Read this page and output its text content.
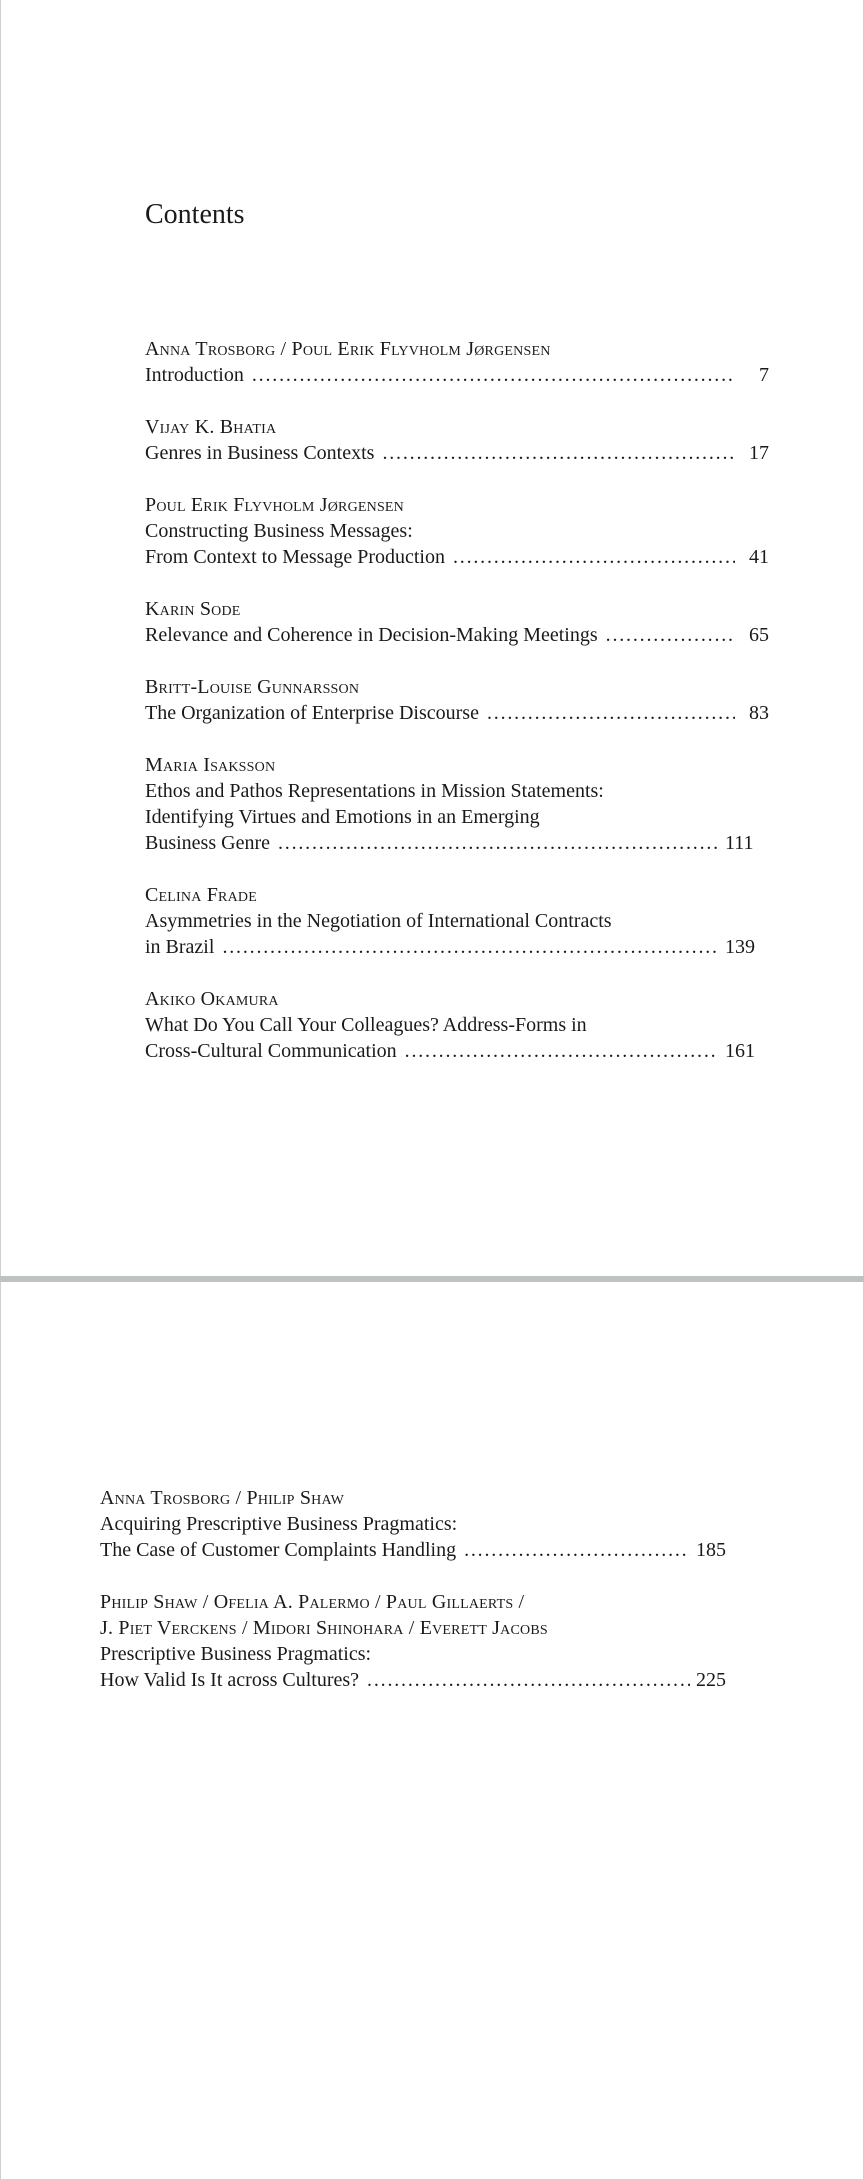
Contents
Anna Trosborg / Poul Erik Flyvholm Jørgensen
Introduction . . .	7
Vijay K. Bhatia
Genres in Business Contexts . . .	17
Poul Erik Flyvholm Jørgensen
Constructing Business Messages:
From Context to Message Production . . .	41
Karin Sode
Relevance and Coherence in Decision-Making Meetings . . .	65
Britt-Louise Gunnarsson
The Organization of Enterprise Discourse . . .	83
Maria Isaksson
Ethos and Pathos Representations in Mission Statements:
Identifying Virtues and Emotions in an Emerging
Business Genre . . .	111
Celina Frade
Asymmetries in the Negotiation of International Contracts
in Brazil . . .	139
Akiko Okamura
What Do You Call Your Colleagues? Address-Forms in
Cross-Cultural Communication . . .	161
Anna Trosborg / Philip Shaw
Acquiring Prescriptive Business Pragmatics:
The Case of Customer Complaints Handling . . .	185
Philip Shaw / Ofelia A. Palermo / Paul Gillaerts /
J. Piet Verckens / Midori Shinohara / Everett Jacobs
Prescriptive Business Pragmatics:
How Valid Is It across Cultures? . . .	225
